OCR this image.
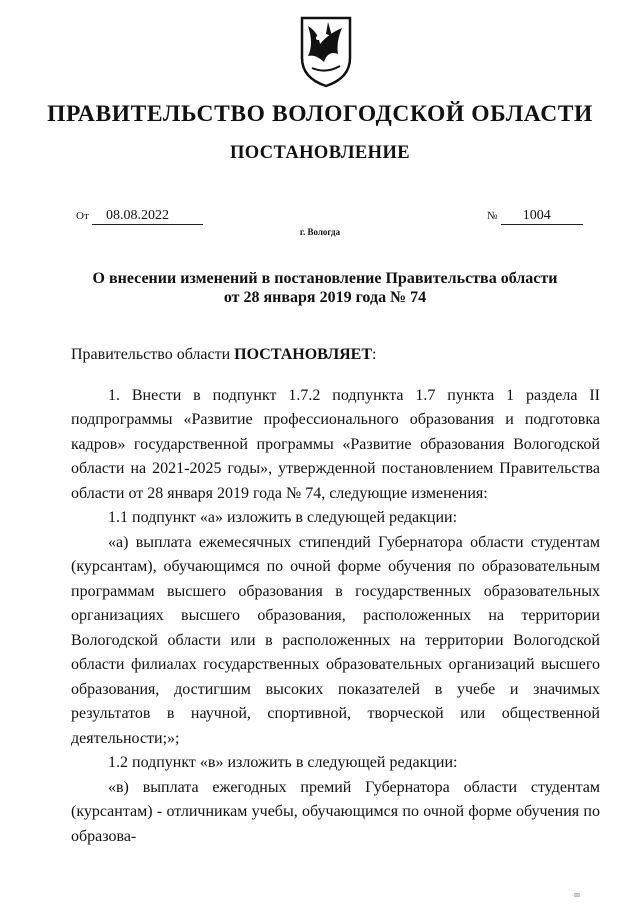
ПРАВИТЕЛЬСТВО ВОЛОГОДСКОЙ ОБЛАСТИ
ПОСТАНОВЛЕНИЕ
От 08.08.2022	№ 1004
г. Вологда
О внесении изменений в постановление Правительства области
от 28 января 2019 года № 74

Правительство области ПОСТАНОВЛЯЕТ:

1. Внести в подпункт 1.7.2 подпункта 1.7 пункта 1 раздела II подпрограммы «Развитие профессионального образования и подготовка кадров» государственной программы «Развитие образования Вологодской области на 2021-2025 годы», утвержденной постановлением Правительства области от 28 января 2019 года № 74, следующие изменения:

1.1 подпункт «а» изложить в следующей редакции:

«а) выплата ежемесячных стипендий Губернатора области студентам (курсантам), обучающимся по очной форме обучения по образовательным программам высшего образования в государственных образовательных организациях высшего образования, расположенных на территории Вологодской области или в расположенных на территории Вологодской области филиалах государственных образовательных организаций высшего образования, достигшим высоких показателей в учебе и значимых результатов в научной, спортивной, творческой или общественной деятельности;»;

1.2 подпункт «в» изложить в следующей редакции:

«в) выплата ежегодных премий Губернатора области студентам (курсантам) - отличникам учебы, обучающимся по очной форме обучения по образова-

·III
